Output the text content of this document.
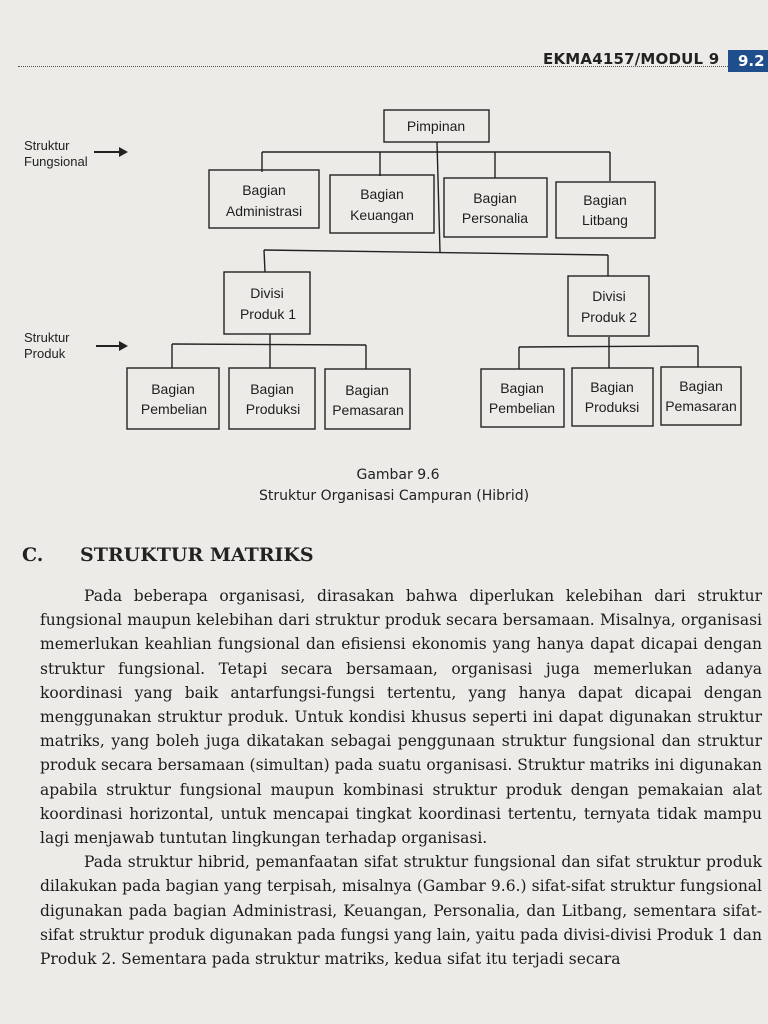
EKMA4157/MODUL 9	9.2
Struktur
Fungsional
Struktur
Produk
Pimpinan
Bagian
Administrasi
Bagian
Keuangan
Bagian
Personalia
Bagian
Litbang
Divisi
Produk 1
Divisi
Produk 2
Bagian
Pembelian
Bagian
Produksi
Bagian
Pemasaran
Bagian
Pembelian
Bagian
Produksi
Bagian
Pemasaran
Gambar 9.6
Struktur Organisasi Campuran (Hibrid)
C. STRUKTUR MATRIKS

Pada beberapa organisasi, dirasakan bahwa diperlukan kelebihan dari struktur fungsional maupun kelebihan dari struktur produk secara bersamaan. Misalnya, organisasi memerlukan keahlian fungsional dan efisiensi ekonomis yang hanya dapat dicapai dengan struktur fungsional. Tetapi secara bersamaan, organisasi juga memerlukan adanya koordinasi yang baik antarfungsi-fungsi tertentu, yang hanya dapat dicapai dengan menggunakan struktur produk. Untuk kondisi khusus seperti ini dapat digunakan struktur matriks, yang boleh juga dikatakan sebagai penggunaan struktur fungsional dan struktur produk secara bersamaan (simultan) pada suatu organisasi. Struktur matriks ini digunakan apabila struktur fungsional maupun kombinasi struktur produk dengan pemakaian alat koordinasi horizontal, untuk mencapai tingkat koordinasi tertentu, ternyata tidak mampu lagi menjawab tuntutan lingkungan terhadap organisasi.

Pada struktur hibrid, pemanfaatan sifat struktur fungsional dan sifat struktur produk dilakukan pada bagian yang terpisah, misalnya (Gambar 9.6.) sifat-sifat struktur fungsional digunakan pada bagian Administrasi, Keuangan, Personalia, dan Litbang, sementara sifat-sifat struktur produk digunakan pada fungsi yang lain, yaitu pada divisi-divisi Produk 1 dan Produk 2. Sementara pada struktur matriks, kedua sifat itu terjadi secara
